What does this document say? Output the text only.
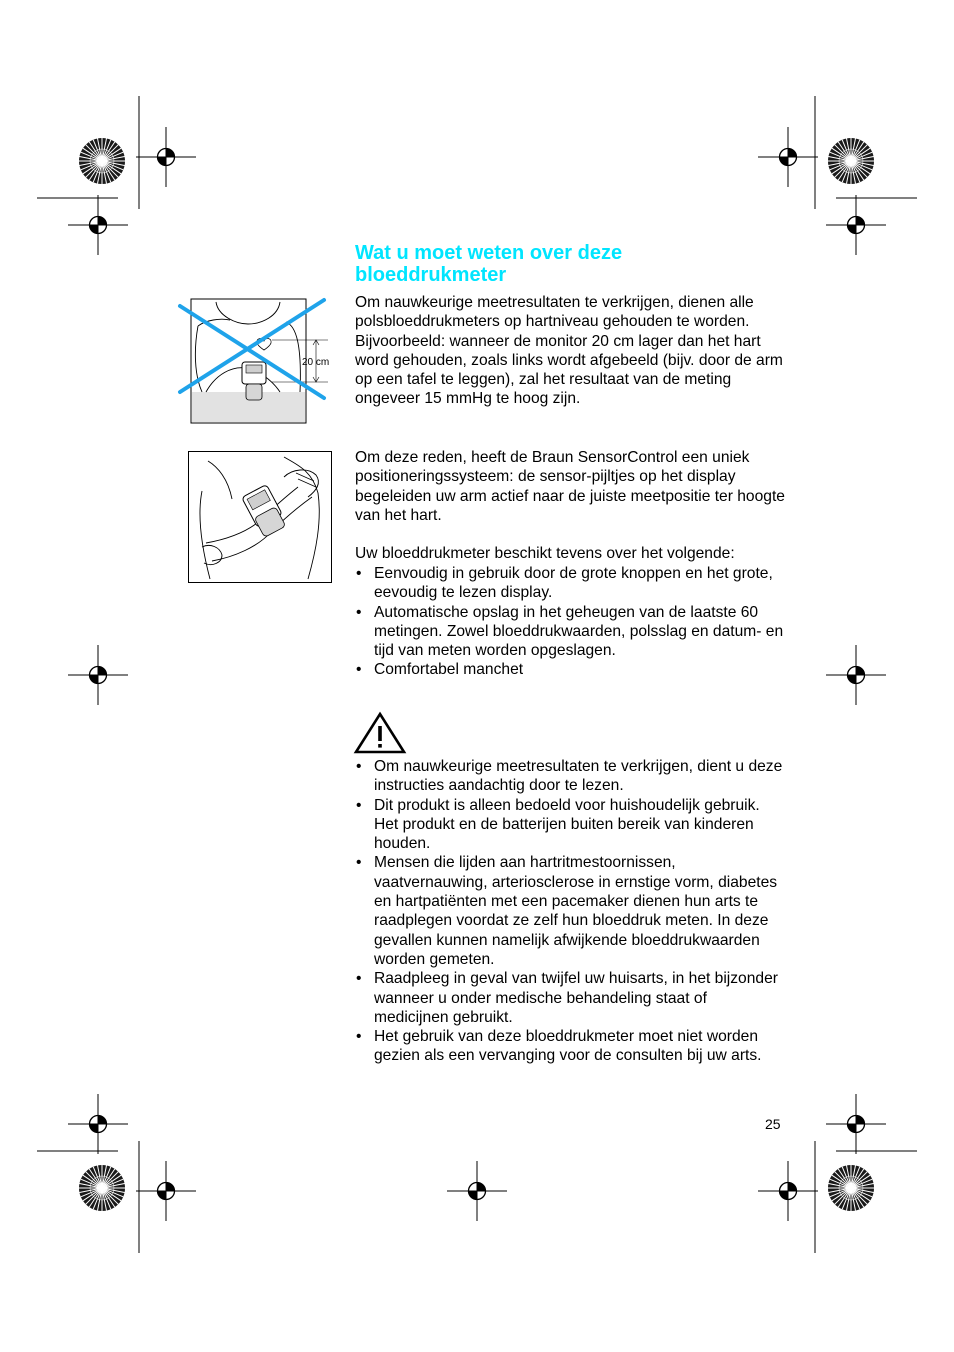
Wat u moet weten over deze bloeddrukmeter
20 cm

Om nauwkeurige meetresultaten te verkrijgen, dienen alle polsbloeddrukmeters op hartniveau gehouden te worden. Bijvoorbeeld: wanneer de monitor 20 cm lager dan het hart word gehouden, zoals links wordt afgebeeld (bijv. door de arm op een tafel te leggen), zal het resultaat van de meting ongeveer 15 mmHg te hoog zijn.

Om deze reden, heeft de Braun SensorControl een uniek positioneringssysteem: de sensor-pijltjes op het display begeleiden uw arm actief naar de juiste meetpositie ter hoogte van het hart.

Uw bloeddrukmeter beschikt tevens over het volgende:

• Eenvoudig in gebruik door de grote knoppen en het grote, eevoudig te lezen display.
• Automatische opslag in het geheugen van de laatste 60 metingen. Zowel bloeddrukwaarden, polsslag en datum- en tijd van meten worden opgeslagen.
• Comfortabel manchet
• Om nauwkeurige meetresultaten te verkrijgen, dient u deze instructies aandachtig door te lezen.
• Dit produkt is alleen bedoeld voor huishoudelijk gebruik. Het produkt en de batterijen buiten bereik van kinderen houden.
• Mensen die lijden aan hartritmestoornissen, vaatvernauwing, arteriosclerose in ernstige vorm, diabetes en hartpatiënten met een pacemaker dienen hun arts te raadplegen voordat ze zelf hun bloeddruk meten. In deze gevallen kunnen namelijk afwijkende bloeddrukwaarden worden gemeten.
• Raadpleeg in geval van twijfel uw huisarts, in het bijzonder wanneer u onder medische behandeling staat of medicijnen gebruikt.
• Het gebruik van deze bloeddrukmeter moet niet worden gezien als een vervanging voor de consulten bij uw arts.
25
